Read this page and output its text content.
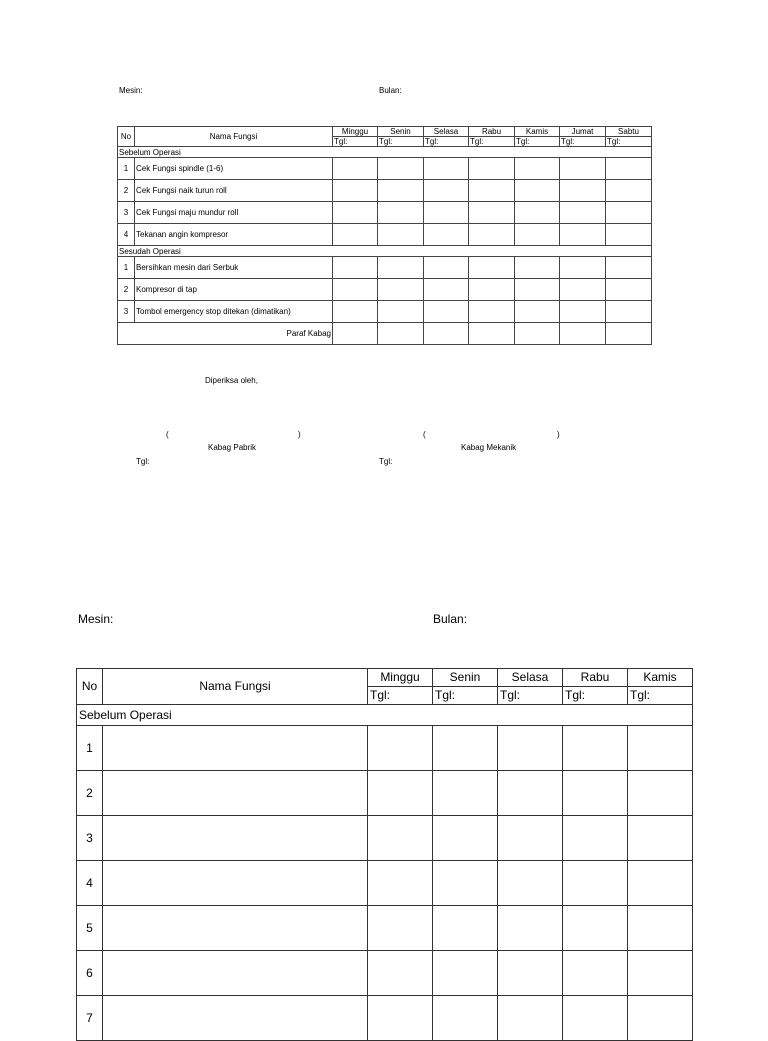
Mesin:	Bulan:
No	Nama Fungsi	Minggu	Senin	Selasa	Rabu	Kamis	Jumat	Sabtu
		Tgl:	Tgl:	Tgl:	Tgl:	Tgl:	Tgl:	Tgl:
Sebelum Operasi								
1	Cek Fungsi spindle (1-6)							
2	Cek Fungsi naik turun roll							
3	Cek Fungsi maju mundur roll							
4	Tekanan angin kompresor							
Sesudah Operasi								
1	Bersihkan mesin dari Serbuk							
2	Kompresor di tap							
3	Tombol emergency stop ditekan (dimatikan)							
Paraf Kabag								
Diperiksa oleh,
(	)
Kabag Pabrik
Tgl:
(	)
Kabag Mekanik
Tgl:
Mesin:	Bulan:
No	Nama Fungsi	Minggu	Senin	Selasa	Rabu	Kamis
		Tgl:	Tgl:	Tgl:	Tgl:	Tgl:
Sebelum Operasi						
1						
2						
3						
4						
5						
6						
7						
